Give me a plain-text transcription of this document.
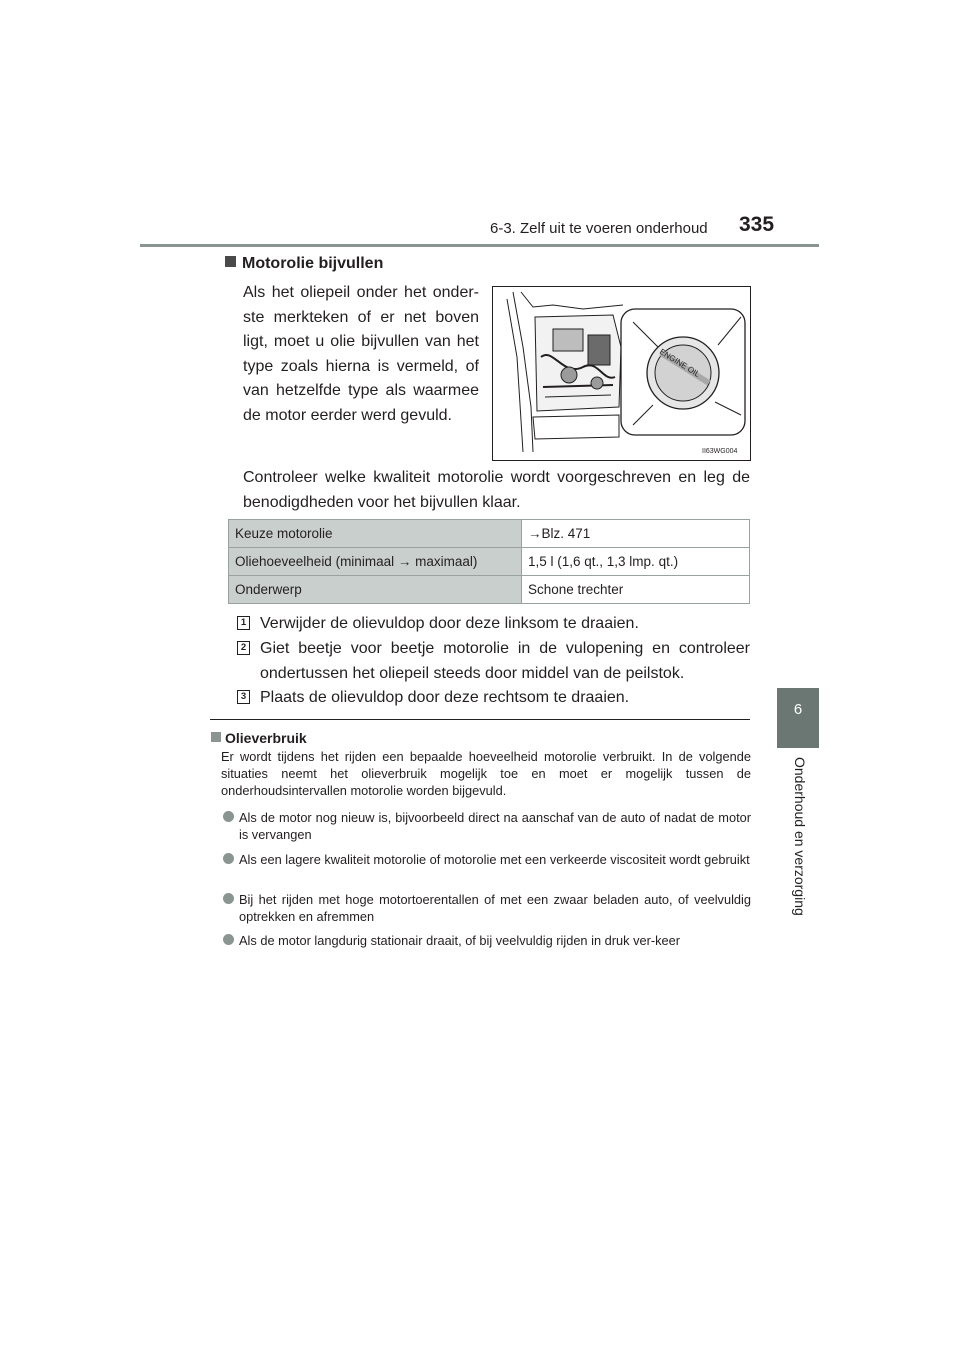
6-3. Zelf uit te voeren onderhoud 335
6
Onderhoud en verzorging
Motorolie bijvullen
Als het oliepeil onder het onder-ste merkteken of er net boven ligt, moet u olie bijvullen van het type zoals hierna is vermeld, of van hetzelfde type als waarmee de motor eerder werd gevuld.
ENGINE OIL
II63WG004
Controleer welke kwaliteit motorolie wordt voorgeschreven en leg de benodigdheden voor het bijvullen klaar.
Keuze motorolie	→Blz. 471
Oliehoeveelheid (minimaal → maximaal)	1,5 l (1,6 qt., 1,3 lmp. qt.)
Onderwerp	Schone trechter
1 Verwijder de olievuldop door deze linksom te draaien.
2 Giet beetje voor beetje motorolie in de vulopening en controleer ondertussen het oliepeil steeds door middel van de peilstok.
3 Plaats de olievuldop door deze rechtsom te draaien.
Olieverbruik
Er wordt tijdens het rijden een bepaalde hoeveelheid motorolie verbruikt. In de volgende situaties neemt het olieverbruik mogelijk toe en moet er mogelijk tussen de onderhoudsintervallen motorolie worden bijgevuld.
Als de motor nog nieuw is, bijvoorbeeld direct na aanschaf van de auto of nadat de motor is vervangen
Als een lagere kwaliteit motorolie of motorolie met een verkeerde viscositeit wordt gebruikt
Bij het rijden met hoge motortoerentallen of met een zwaar beladen auto, of veelvuldig optrekken en afremmen
Als de motor langdurig stationair draait, of bij veelvuldig rijden in druk ver-keer
